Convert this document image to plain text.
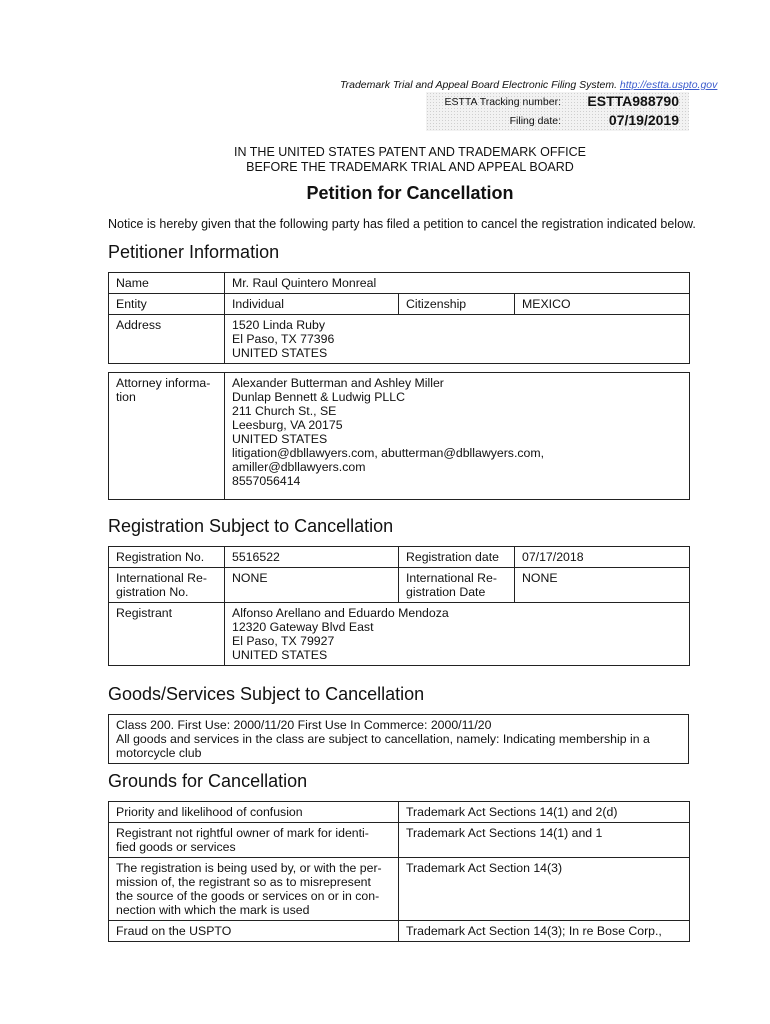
Trademark Trial and Appeal Board Electronic Filing System. http://estta.uspto.gov
ESTTA Tracking number: ESTTA988790
Filing date:	07/19/2019
IN THE UNITED STATES PATENT AND TRADEMARK OFFICE
BEFORE THE TRADEMARK TRIAL AND APPEAL BOARD
Petition for Cancellation
Notice is hereby given that the following party has filed a petition to cancel the registration indicated below.
Petitioner Information
Name	Mr. Raul Quintero Monreal		
Entity	Individual	Citizenship	MEXICO
Address	1520 Linda Ruby
El Paso, TX 77396
UNITED STATES		
Attorney informa-
tion	Alexander Butterman and Ashley Miller
Dunlap Bennett & Ludwig PLLC
211 Church St., SE
Leesburg, VA 20175
UNITED STATES
litigation@dbllawyers.com, abutterman@dbllawyers.com,
amiller@dbllawyers.com
8557056414
Registration Subject to Cancellation
Registration No.	5516522	Registration date	07/17/2018
International Re-
gistration No.	NONE	International Re-
gistration Date	NONE
Registrant	Alfonso Arellano and Eduardo Mendoza
12320 Gateway Blvd East
El Paso, TX 79927
UNITED STATES		
Goods/Services Subject to Cancellation
Class 200. First Use: 2000/11/20 First Use In Commerce: 2000/11/20
All goods and services in the class are subject to cancellation, namely: Indicating membership in a
motorcycle club
Grounds for Cancellation
Priority and likelihood of confusion	Trademark Act Sections 14(1) and 2(d)
Registrant not rightful owner of mark for identi-
fied goods or services	Trademark Act Sections 14(1) and 1
The registration is being used by, or with the per-
mission of, the registrant so as to misrepresent
the source of the goods or services on or in con-
nection with which the mark is used	Trademark Act Section 14(3)
Fraud on the USPTO	Trademark Act Section 14(3); In re Bose Corp.,
